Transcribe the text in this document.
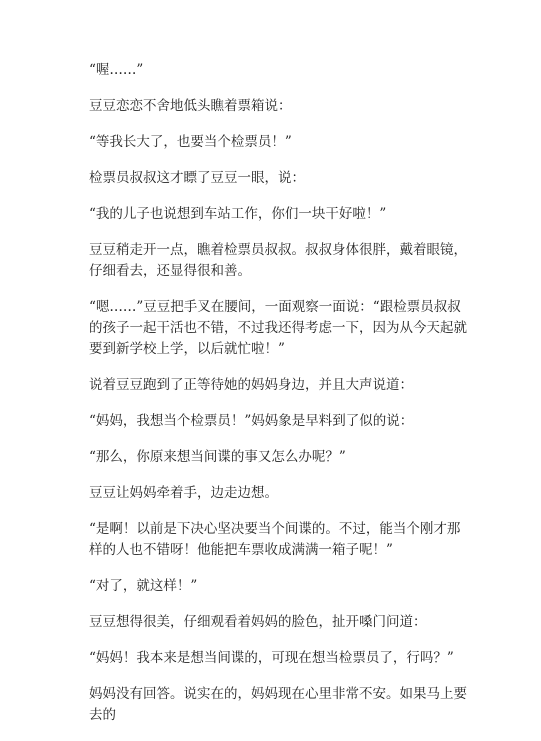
“喔……”

豆豆恋恋不舍地低头瞧着票箱说：

“等我长大了，也要当个检票员！”

检票员叔叔这才瞟了豆豆一眼，说：

“我的儿子也说想到车站工作，你们一块干好啦！”

豆豆稍走开一点，瞧着检票员叔叔。叔叔身体很胖，戴着眼镜，仔细看去，还显得很和善。

“嗯……”豆豆把手叉在腰间，一面观察一面说：“跟检票员叔叔的孩子一起干活也不错，不过我还得考虑一下，因为从今天起就要到新学校上学，以后就忙啦！”

说着豆豆跑到了正等待她的妈妈身边，并且大声说道：

“妈妈，我想当个检票员！”妈妈象是早料到了似的说：

“那么，你原来想当间谍的事又怎么办呢？”

豆豆让妈妈牵着手，边走边想。

“是啊！以前是下决心坚决要当个间谍的。不过，能当个刚才那样的人也不错呀！他能把车票收成满满一箱子呢！”

“对了，就这样！”

豆豆想得很美，仔细观看着妈妈的脸色，扯开嗓门问道：

“妈妈！我本来是想当间谍的，可现在想当检票员了，行吗？”

妈妈没有回答。说实在的，妈妈现在心里非常不安。如果马上要去的
